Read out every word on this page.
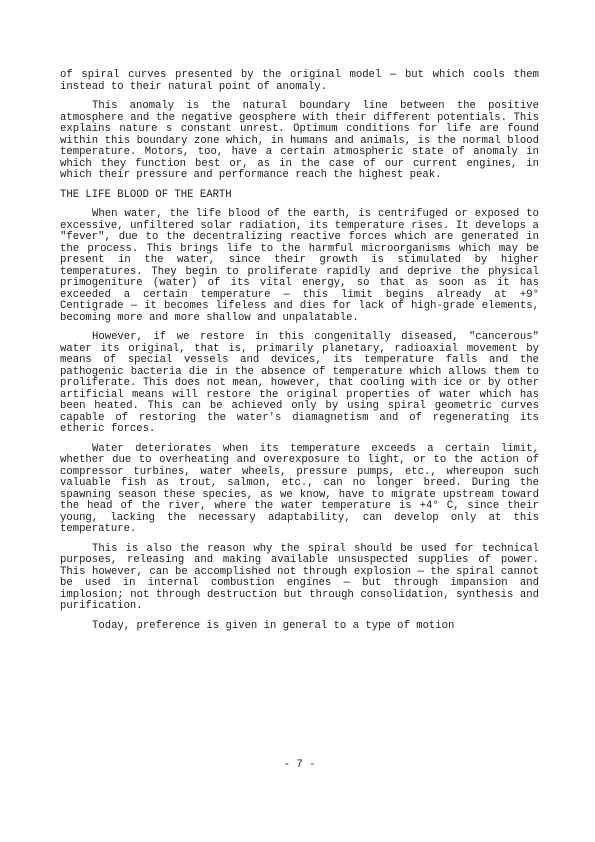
of spiral curves presented by the original model — but which cools them instead to their natural point of anomaly.

This anomaly is the natural boundary line between the positive atmosphere and the negative geosphere with their different potentials. This explains nature s constant unrest. Optimum conditions for life are found within this boundary zone which, in humans and animals, is the normal blood temperature. Motors, too, have a certain atmospheric state of anomaly in which they function best or, as in the case of our current engines, in which their pressure and performance reach the highest peak.

THE LIFE BLOOD OF THE EARTH

When water, the life blood of the earth, is centrifuged or exposed to excessive, unfiltered solar radiation, its temperature rises. It develops a "fever", due to the decentralizing reactive forces which are generated in the process. This brings life to the harmful microorganisms which may be present in the water, since their growth is stimulated by higher temperatures. They begin to proliferate rapidly and deprive the physical primogeniture (water) of its vital energy, so that as soon as it has exceeded a certain temperature — this limit begins already at +9° Centigrade — it becomes lifeless and dies for lack of high-grade elements, becoming more and more shallow and unpalatable.

However, if we restore in this congenitally diseased, "cancerous" water its original, that is, primarily planetary, radioaxial movement by means of special vessels and devices, its temperature falls and the pathogenic bacteria die in the absence of temperature which allows them to proliferate. This does not mean, however, that cooling with ice or by other artificial means will restore the original properties of water which has been heated. This can be achieved only by using spiral geometric curves capable of restoring the water's diamagnetism and of regenerating its etheric forces.

Water deteriorates when its temperature exceeds a certain limit, whether due to overheating and overexposure to light, or to the action of compressor turbines, water wheels, pressure pumps, etc., whereupon such valuable fish as trout, salmon, etc., can no longer breed. During the spawning season these species, as we know, have to migrate upstream toward the head of the river, where the water temperature is +4° C, since their young, lacking the necessary adaptability, can develop only at this temperature.

This is also the reason why the spiral should be used for technical purposes, releasing and making available unsuspected supplies of power. This however, can be accomplished not through explosion — the spiral cannot be used in internal combustion engines — but through impansion and implosion; not through destruction but through consolidation, synthesis and purification.

Today, preference is given in general to a type of motion

- 7 -
